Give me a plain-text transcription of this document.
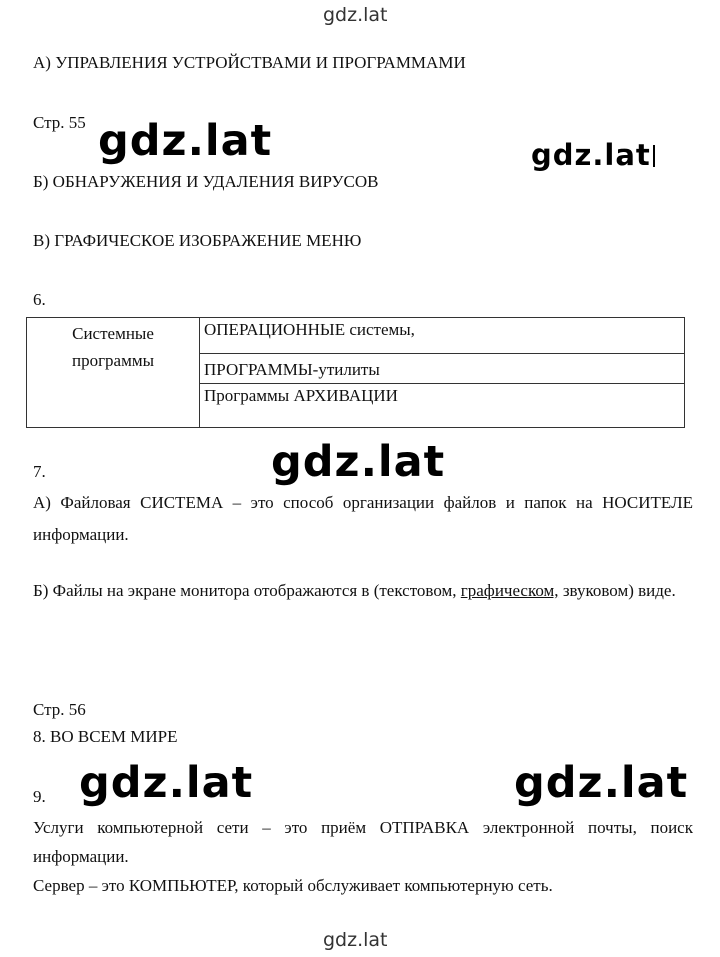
gdz.lat
А) УПРАВЛЕНИЯ УСТРОЙСТВАМИ И ПРОГРАММАМИ
Стр. 55 gdz.lat	gdz.lat
Б) ОБНАРУЖЕНИЯ И УДАЛЕНИЯ ВИРУСОВ
В) ГРАФИЧЕСКОЕ ИЗОБРАЖЕНИЕ МЕНЮ
6.
Системные программы	ОПЕРАЦИОННЫЕ системы,
ПРОГРАММЫ-утилиты
Программы АРХИВАЦИИ
7.	gdz.lat
А) Файловая СИСТЕМА – это способ организации файлов и папок на НОСИТЕЛЕ информации.
Б) Файлы на экране монитора отображаются в (текстовом, графическом, звуковом) виде.
Стр. 56
8. ВО ВСЕМ МИРЕ
9. gdz.lat	gdz.lat
Услуги компьютерной сети – это приём ОТПРАВКА электронной почты, поиск информации.
Сервер – это КОМПЬЮТЕР, который обслуживает компьютерную сеть.
gdz.lat
